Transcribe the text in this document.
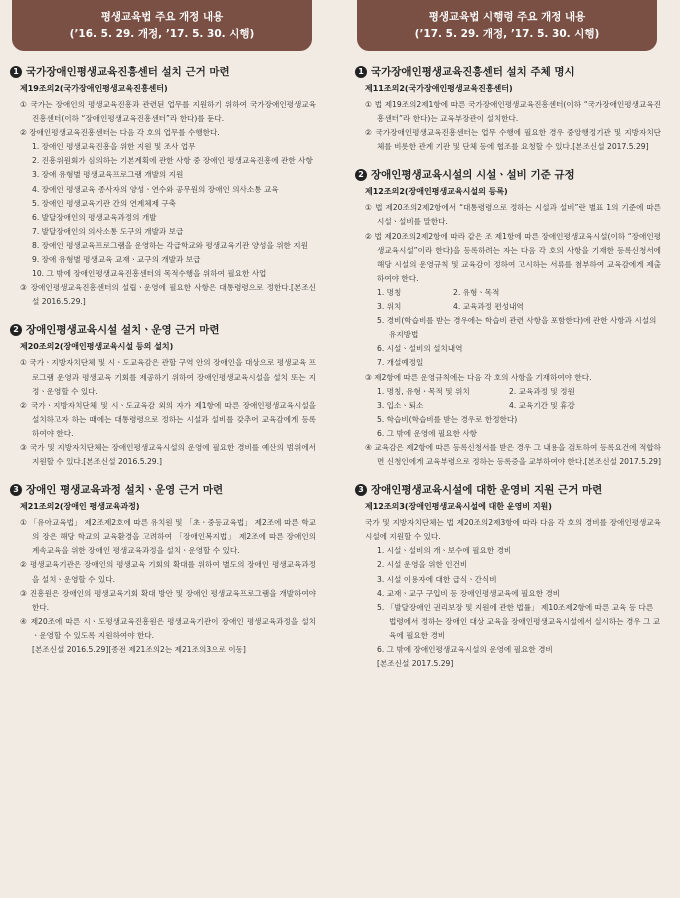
평생교육법 주요 개정 내용
(’16. 5. 29. 개정, ’17. 5. 30. 시행)
1 국가장애인평생교육진흥센터 설치 근거 마련
제19조의2(국가장애인평생교육진흥센터)
① 국가는 장애인의 평생교육진흥과 관련된 업무를 지원하기 위하여 국가장애인평생교육진흥센터(이하 “장애인평생교육진흥센터”라 한다)를 둔다.
② 장애인평생교육진흥센터는 다음 각 호의 업무를 수행한다.
1. 장애인 평생교육진흥을 위한 지원 및 조사 업무
2. 진흥위원회가 심의하는 기본계획에 관한 사항 중 장애인 평생교육진흥에 관한 사항
3. 장애 유형별 평생교육프로그램 개발의 지원
4. 장애인 평생교육 종사자의 양성ㆍ연수와 공무원의 장애인 의사소통 교육
5. 장애인 평생교육기관 간의 연계체제 구축
6. 발달장애인의 평생교육과정의 개발
7. 발달장애인의 의사소통 도구의 개발과 보급
8. 장애인 평생교육프로그램을 운영하는 각급학교와 평생교육기관 양성을 위한 지원
9. 장애 유형별 평생교육 교재ㆍ교구의 개발과 보급
10. 그 밖에 장애인평생교육진흥센터의 목적수행을 위하여 필요한 사업
③ 장애인평생교육진흥센터의 설립ㆍ운영에 필요한 사항은 대통령령으로 정한다.[본조신설 2016.5.29.]
2 장애인평생교육시설 설치ㆍ운영 근거 마련
제20조의2(장애인평생교육시설 등의 설치)
① 국가ㆍ지방자치단체 및 시ㆍ도교육감은 관할 구역 안의 장애인을 대상으로 평생교육 프로그램 운영과 평생교육 기회를 제공하기 위하여 장애인평생교육시설을 설치 또는 지정ㆍ운영할 수 있다.
② 국가ㆍ지방자치단체 및 시ㆍ도교육감 외의 자가 제1항에 따른 장애인평생교육시설을 설치하고자 하는 때에는 대통령령으로 정하는 시설과 설비를 갖추어 교육감에게 등록하여야 한다.
③ 국가 및 지방자치단체는 장애인평생교육시설의 운영에 필요한 경비를 예산의 범위에서 지원할 수 있다.[본조신설 2016.5.29.]
3 장애인 평생교육과정 설치ㆍ운영 근거 마련
제21조의2(장애인 평생교육과정)
① 「유아교육법」 제2조제2호에 따른 유치원 및 「초ㆍ중등교육법」 제2조에 따른 학교의 장은 해당 학교의 교육환경을 고려하여 「장애인복지법」 제2조에 따른 장애인의 계속교육을 위한 장애인 평생교육과정을 설치ㆍ운영할 수 있다.
② 평생교육기관은 장애인의 평생교육 기회의 확대를 위하여 별도의 장애인 평생교육과정을 설치ㆍ운영할 수 있다.
③ 진흥원은 장애인의 평생교육기회 확대 방안 및 장애인 평생교육프로그램을 개발하여야 한다.
④ 제20조에 따른 시ㆍ도평생교육진흥원은 평생교육기관이 장애인 평생교육과정을 설치ㆍ운영할 수 있도록 지원하여야 한다.
[본조신설 2016.5.29][종전 제21조의2는 제21조의3으로 이동]
평생교육법 시행령 주요 개정 내용
(’17. 5. 29. 개정, ’17. 5. 30. 시행)
1 국가장애인평생교육진흥센터 설치 주체 명시
제11조의2(국가장애인평생교육진흥센터)
① 법 제19조의2제1항에 따른 국가장애인평생교육진흥센터(이하 “국가장애인평생교육진흥센터”라 한다)는 교육부장관이 설치한다.
② 국가장애인평생교육진흥센터는 업무 수행에 필요한 경우 중앙행정기관 및 지방자치단체를 비롯한 관계 기관 및 단체 등에 협조를 요청할 수 있다.[본조신설 2017.5.29]
2 장애인평생교육시설의 시설ㆍ설비 기준 규정
제12조의2(장애인평생교육시설의 등록)
① 법 제20조의2제2항에서 “대통령령으로 정하는 시설과 설비”란 별표 1의 기준에 따른 시설ㆍ설비를 말한다.
② 법 제20조의2제2항에 따라 같은 조 제1항에 따른 장애인평생교육시설(이하 “장애인평생교육시설”이라 한다)을 등록하려는 자는 다음 각 호의 사항을 기재한 등록신청서에 해당 시설의 운영규칙 및 교육감이 정하여 고시하는 서류를 첨부하여 교육감에게 제출하여야 한다.
1. 명칭	2. 유형ㆍ목적
3. 위치	4. 교육과정 편성내역
5. 경비(학습비를 받는 경우에는 학습비 관련 사항을 포함한다)에 관한 사항과 시설의 유지방법
6. 시설ㆍ설비의 설치내역
7. 개설예정일
③ 제2항에 따른 운영규칙에는 다음 각 호의 사항을 기재하여야 한다.
1. 명칭, 유형ㆍ목적 및 위치	2. 교육과정 및 정원
3. 입소ㆍ퇴소	4. 교육기간 및 휴강
5. 학습비(학습비를 받는 경우로 한정한다)
6. 그 밖에 운영에 필요한 사항
④ 교육감은 제2항에 따른 등록신청서를 받은 경우 그 내용을 검토하여 등록요건에 적합하면 신청인에게 교육부령으로 정하는 등록증을 교부하여야 한다.[본조신설 2017.5.29]
3 장애인평생교육시설에 대한 운영비 지원 근거 마련
제12조의3(장애인평생교육시설에 대한 운영비 지원)
국가 및 지방자치단체는 법 제20조의2제3항에 따라 다음 각 호의 경비를 장애인평생교육시설에 지원할 수 있다.
1. 시설ㆍ설비의 개ㆍ보수에 필요한 경비
2. 시설 운영을 위한 인건비
3. 시설 이용자에 대한 급식ㆍ간식비
4. 교재ㆍ교구 구입비 등 장애인평생교육에 필요한 경비
5. 「발달장애인 권리보장 및 지원에 관한 법률」 제10조제2항에 따른 교육 등 다른 법령에서 정하는 장애인 대상 교육을 장애인평생교육시설에서 실시하는 경우 그 교육에 필요한 경비
6. 그 밖에 장애인평생교육시설의 운영에 필요한 경비
[본조신설 2017.5.29]
